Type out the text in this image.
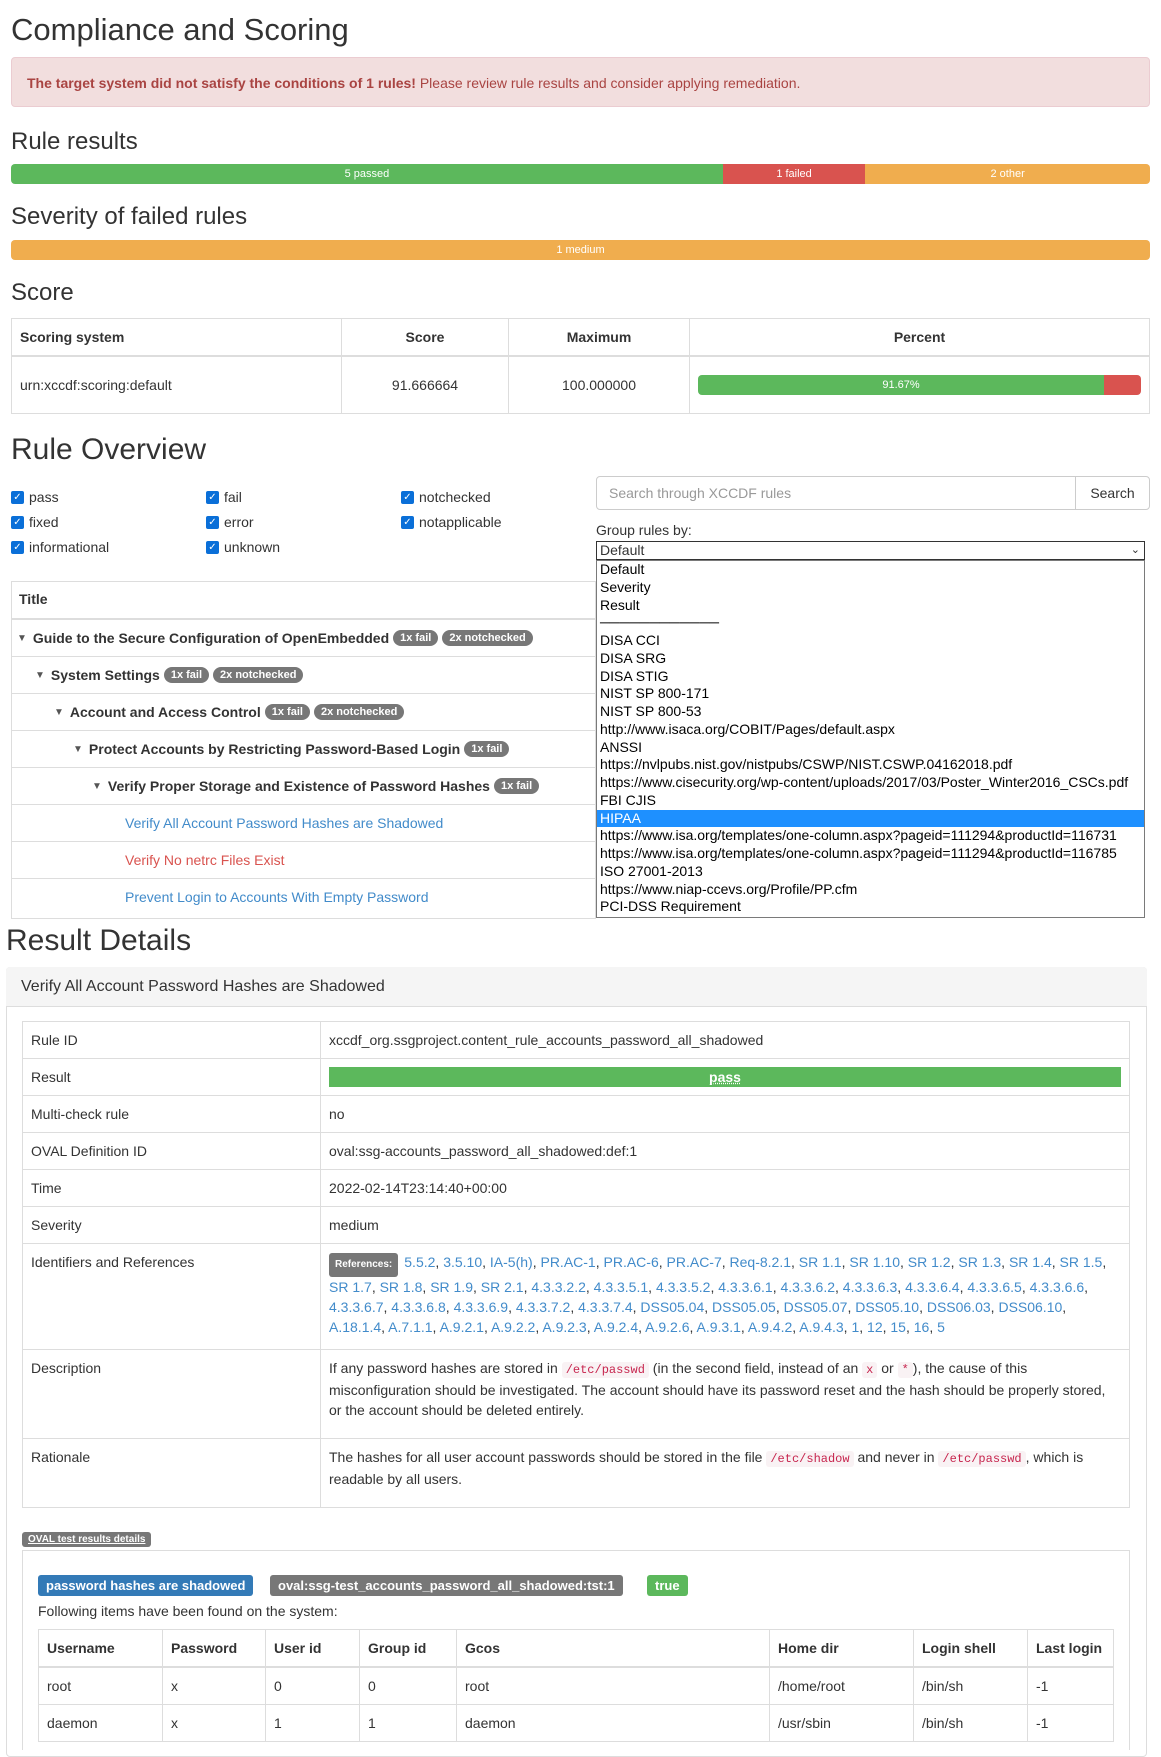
Compliance and Scoring
The target system did not satisfy the conditions of 1 rules! Please review rule results and consider applying remediation.
Rule results
5 passed	1 failed	2 other
Severity of failed rules
1 medium
Score
Scoring system	Score	Maximum	Percent
urn:xccdf:scoring:default	91.666664	100.000000	91.67%
Rule Overview
✓ pass
✓ fixed
✓ informational
✓ fail
✓ error
✓ unknown
✓ notchecked
✓ notapplicable
Search through XCCDF rules	Search
Group rules by:
Title
▼ Guide to the Secure Configuration of OpenEmbedded	1x fail	2x notchecked
▼ System Settings	1x fail	2x notchecked
▼ Account and Access Control	1x fail	2x notchecked
▼ Protect Accounts by Restricting Password-Based Login	1x fail
▼ Verify Proper Storage and Existence of Password Hashes	1x fail
Verify All Account Password Hashes are Shadowed
Verify No netrc Files Exist
Prevent Login to Accounts With Empty Password
Default	⌄
Default
Severity
Result
────────────
DISA CCI
DISA SRG
DISA STIG
NIST SP 800-171
NIST SP 800-53
http://www.isaca.org/COBIT/Pages/default.aspx
ANSSI
https://nvlpubs.nist.gov/nistpubs/CSWP/NIST.CSWP.04162018.pdf
https://www.cisecurity.org/wp-content/uploads/2017/03/Poster_Winter2016_CSCs.pdf
FBI CJIS
HIPAA
https://www.isa.org/templates/one-column.aspx?pageid=111294&productId=116731
https://www.isa.org/templates/one-column.aspx?pageid=111294&productId=116785
ISO 27001-2013
https://www.niap-ccevs.org/Profile/PP.cfm
PCI-DSS Requirement
Result Details
Verify All Account Password Hashes are Shadowed
Rule ID	xccdf_org.ssgproject.content_rule_accounts_password_all_shadowed
Result	pass

Multi-check rule	no
OVAL Definition ID	oval:ssg-accounts_password_all_shadowed:def:1
Time	2022-02-14T23:14:40+00:00
Severity	medium
Identifiers and References	References: 5.5.2, 3.5.10, IA-5(h), PR.AC-1, PR.AC-6, PR.AC-7, Req-8.2.1, SR 1.1, SR 1.10, SR 1.2, SR 1.3, SR 1.4, SR 1.5, SR 1.7, SR 1.8, SR 1.9, SR 2.1, 4.3.3.2.2, 4.3.3.5.1, 4.3.3.5.2, 4.3.3.6.1, 4.3.3.6.2, 4.3.3.6.3, 4.3.3.6.4, 4.3.3.6.5, 4.3.3.6.6, 4.3.3.6.7, 4.3.3.6.8, 4.3.3.6.9, 4.3.3.7.2, 4.3.3.7.4, DSS05.04, DSS05.05, DSS05.07, DSS05.10, DSS06.03, DSS06.10, A.18.1.4, A.7.1.1, A.9.2.1, A.9.2.2, A.9.2.3, A.9.2.4, A.9.2.6, A.9.3.1, A.9.4.2, A.9.4.3, 1, 12, 15, 16, 5
Description	If any password hashes are stored in /etc/passwd (in the second field, instead of an x or * ), the cause of this misconfiguration should be investigated. The account should have its password reset and the hash should be properly stored, or the account should be deleted entirely.
Rationale	The hashes for all user account passwords should be stored in the file /etc/shadow and never in /etc/passwd , which is readable by all users.
OVAL test results details
password hashes are shadowed	oval:ssg-test_accounts_password_all_shadowed:tst:1	true
Following items have been found on the system:
Username	Password	User id	Group id	Gcos	Home dir	Login shell	Last login
root	x	0	0	root	/home/root	/bin/sh	-1
daemon	x	1	1	daemon	/usr/sbin	/bin/sh	-1
